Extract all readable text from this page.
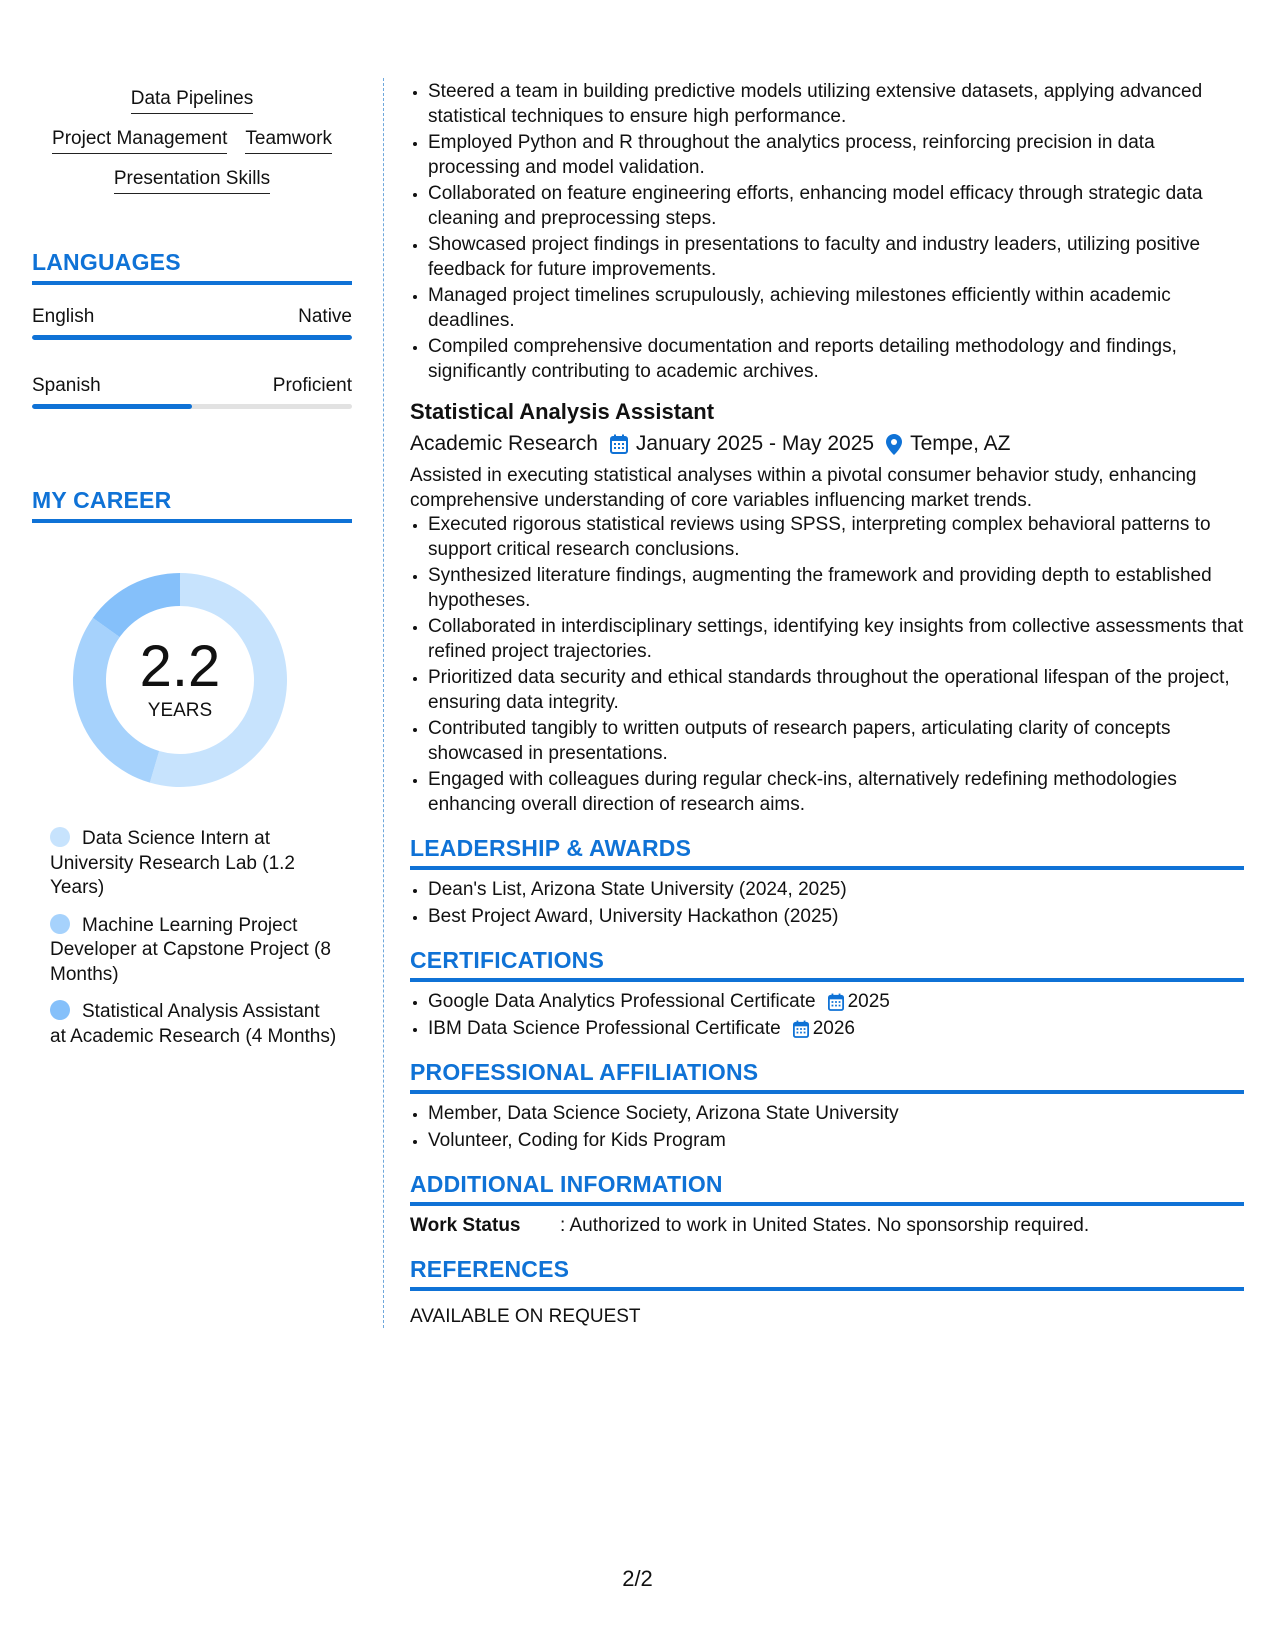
Data Pipelines
Project Management Teamwork
Presentation Skills
LANGUAGES
English	Native
Spanish	Proficient
MY CAREER
2.2
YEARS
Data Science Intern at University Research Lab (1.2 Years)
Machine Learning Project Developer at Capstone Project (8 Months)
Statistical Analysis Assistant at Academic Research (4 Months)
• Steered a team in building predictive models utilizing extensive datasets, applying advanced statistical techniques to ensure high performance.
• Employed Python and R throughout the analytics process, reinforcing precision in data processing and model validation.
• Collaborated on feature engineering efforts, enhancing model efficacy through strategic data cleaning and preprocessing steps.
• Showcased project findings in presentations to faculty and industry leaders, utilizing positive feedback for future improvements.
• Managed project timelines scrupulously, achieving milestones efficiently within academic deadlines.
• Compiled comprehensive documentation and reports detailing methodology and findings, significantly contributing to academic archives.
Statistical Analysis Assistant
Academic Research January 2025 - May 2025 Tempe, AZ
Assisted in executing statistical analyses within a pivotal consumer behavior study, enhancing comprehensive understanding of core variables influencing market trends.
• Executed rigorous statistical reviews using SPSS, interpreting complex behavioral patterns to support critical research conclusions.
• Synthesized literature findings, augmenting the framework and providing depth to established hypotheses.
• Collaborated in interdisciplinary settings, identifying key insights from collective assessments that refined project trajectories.
• Prioritized data security and ethical standards throughout the operational lifespan of the project, ensuring data integrity.
• Contributed tangibly to written outputs of research papers, articulating clarity of concepts showcased in presentations.
• Engaged with colleagues during regular check-ins, alternatively redefining methodologies enhancing overall direction of research aims.
LEADERSHIP & AWARDS
• Dean's List, Arizona State University (2024, 2025)
• Best Project Award, University Hackathon (2025)
CERTIFICATIONS
• Google Data Analytics Professional Certificate 2025
• IBM Data Science Professional Certificate 2026
PROFESSIONAL AFFILIATIONS
• Member, Data Science Society, Arizona State University
• Volunteer, Coding for Kids Program
ADDITIONAL INFORMATION
Work Status	: Authorized to work in United States. No sponsorship required.
REFERENCES
AVAILABLE ON REQUEST
2/2
